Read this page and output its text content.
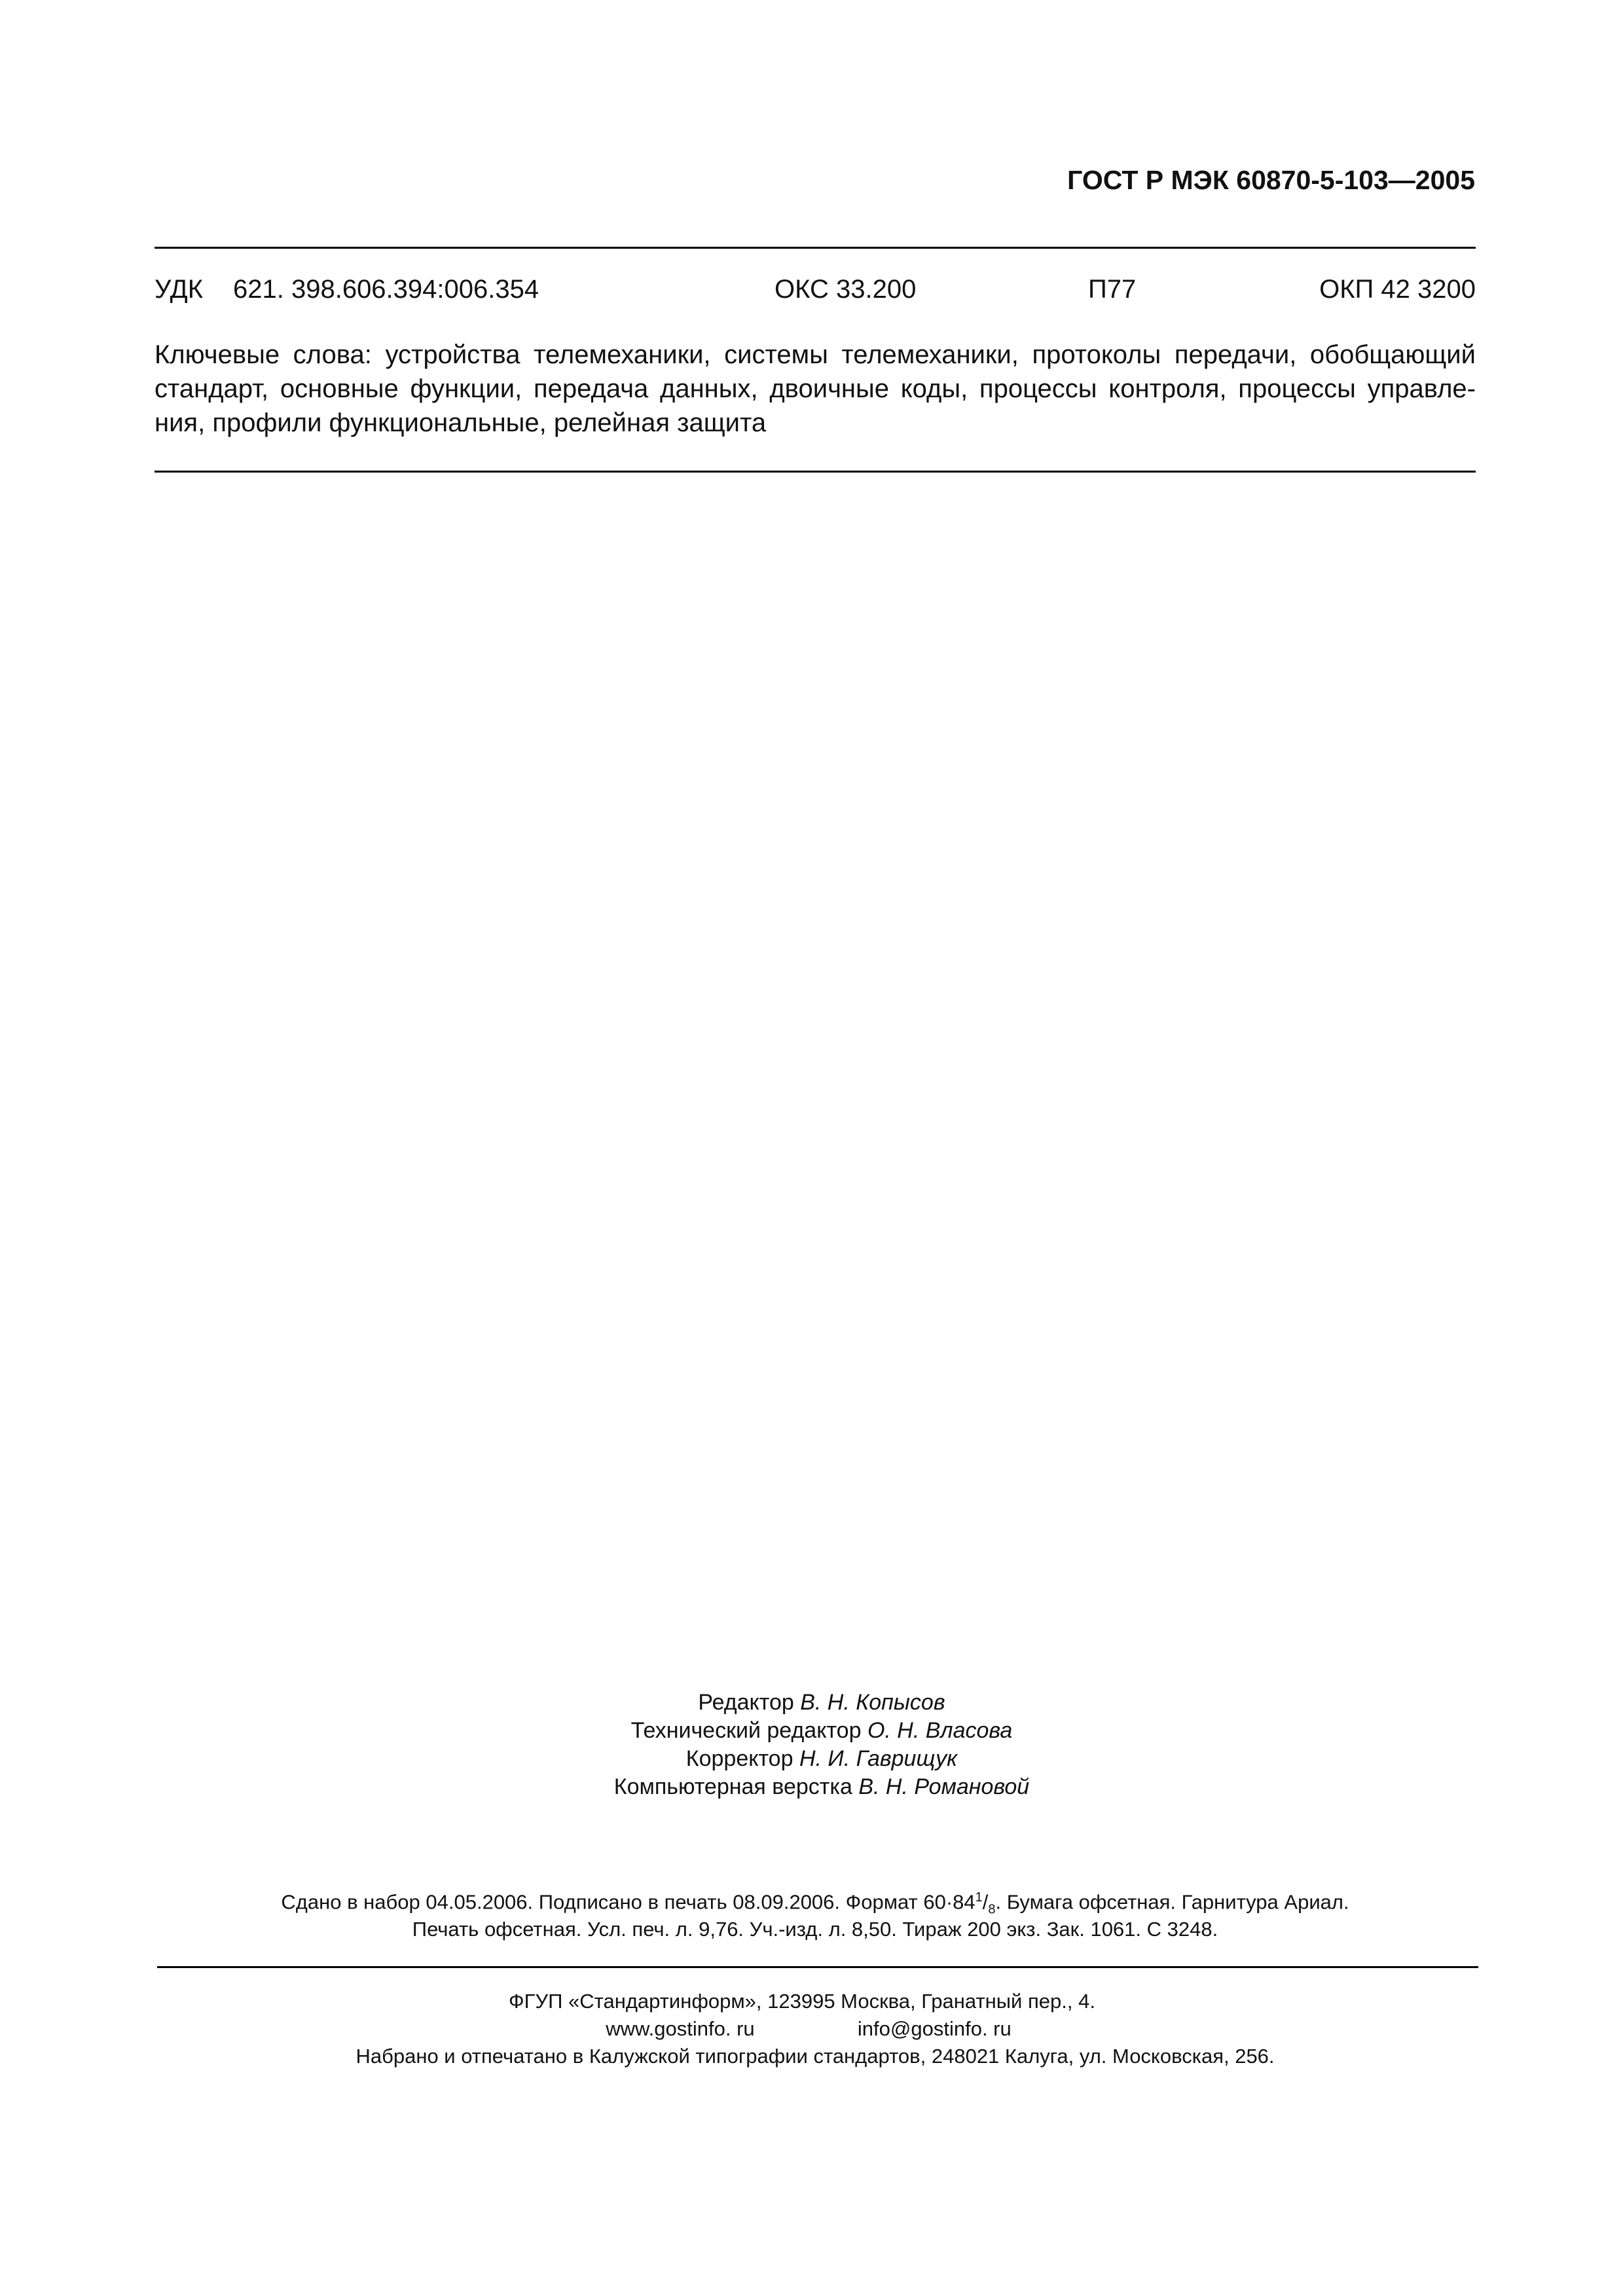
ГОСТ Р МЭК 60870-5-103—2005
УДК 621. 398.606.394:006.354	ОКС 33.200	П77	ОКП 42 3200
Ключевые слова: устройства телемеханики, системы телемеханики, протоколы передачи, обобщающий
стандарт, основные функции, передача данных, двоичные коды, процессы контроля, процессы управле-
ния, профили функциональные, релейная защита
Редактор В. Н. Копысов
Технический редактор О. Н. Власова
Корректор Н. И. Гаврищук
Компьютерная верстка В. Н. Романовой
Сдано в набор 04.05.2006. Подписано в печать 08.09.2006. Формат $60\cdot 84^1/_8$. Бумага офсетная. Гарнитура Ариал.
Печать офсетная. Усл. печ. л. 9,76. Уч.-изд. л. 8,50. Тираж 200 экз. Зак. 1061. С 3248.
ФГУП «Стандартинформ», 123995 Москва, Гранатный пер., 4.
www.gostinfo. ru	info@gostinfo. ru
Набрано и отпечатано в Калужской типографии стандартов, 248021 Калуга, ул. Московская, 256.
